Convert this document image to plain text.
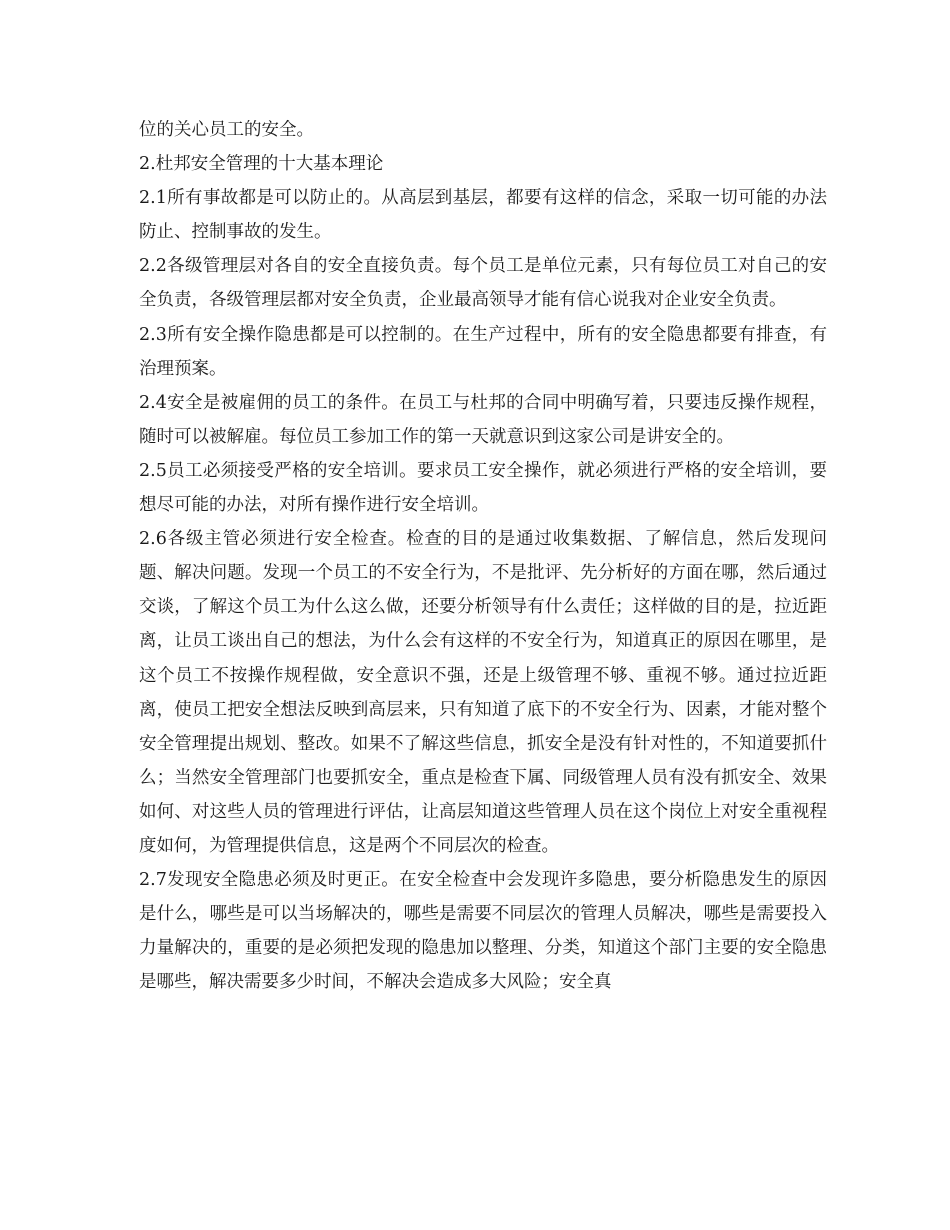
位的关心员工的安全。

2.杜邦安全管理的十大基本理论

2.1所有事故都是可以防止的。从高层到基层，都要有这样的信念，采取一切可能的办法防止、控制事故的发生。

2.2各级管理层对各自的安全直接负责。每个员工是单位元素，只有每位员工对自己的安全负责，各级管理层都对安全负责，企业最高领导才能有信心说我对企业安全负责。

2.3所有安全操作隐患都是可以控制的。在生产过程中，所有的安全隐患都要有排查，有治理预案。

2.4安全是被雇佣的员工的条件。在员工与杜邦的合同中明确写着，只要违反操作规程，随时可以被解雇。每位员工参加工作的第一天就意识到这家公司是讲安全的。

2.5员工必须接受严格的安全培训。要求员工安全操作，就必须进行严格的安全培训，要想尽可能的办法，对所有操作进行安全培训。

2.6各级主管必须进行安全检查。检查的目的是通过收集数据、了解信息，然后发现问题、解决问题。发现一个员工的不安全行为，不是批评、先分析好的方面在哪，然后通过交谈，了解这个员工为什么这么做，还要分析领导有什么责任；这样做的目的是，拉近距离，让员工谈出自己的想法，为什么会有这样的不安全行为，知道真正的原因在哪里，是这个员工不按操作规程做，安全意识不强，还是上级管理不够、重视不够。通过拉近距离，使员工把安全想法反映到高层来，只有知道了底下的不安全行为、因素，才能对整个安全管理提出规划、整改。如果不了解这些信息，抓安全是没有针对性的，不知道要抓什么；当然安全管理部门也要抓安全，重点是检查下属、同级管理人员有没有抓安全、效果如何、对这些人员的管理进行评估，让高层知道这些管理人员在这个岗位上对安全重视程度如何，为管理提供信息，这是两个不同层次的检查。

2.7发现安全隐患必须及时更正。在安全检查中会发现许多隐患，要分析隐患发生的原因是什么，哪些是可以当场解决的，哪些是需要不同层次的管理人员解决，哪些是需要投入力量解决的，重要的是必须把发现的隐患加以整理、分类，知道这个部门主要的安全隐患是哪些，解决需要多少时间，不解决会造成多大风险；安全真
